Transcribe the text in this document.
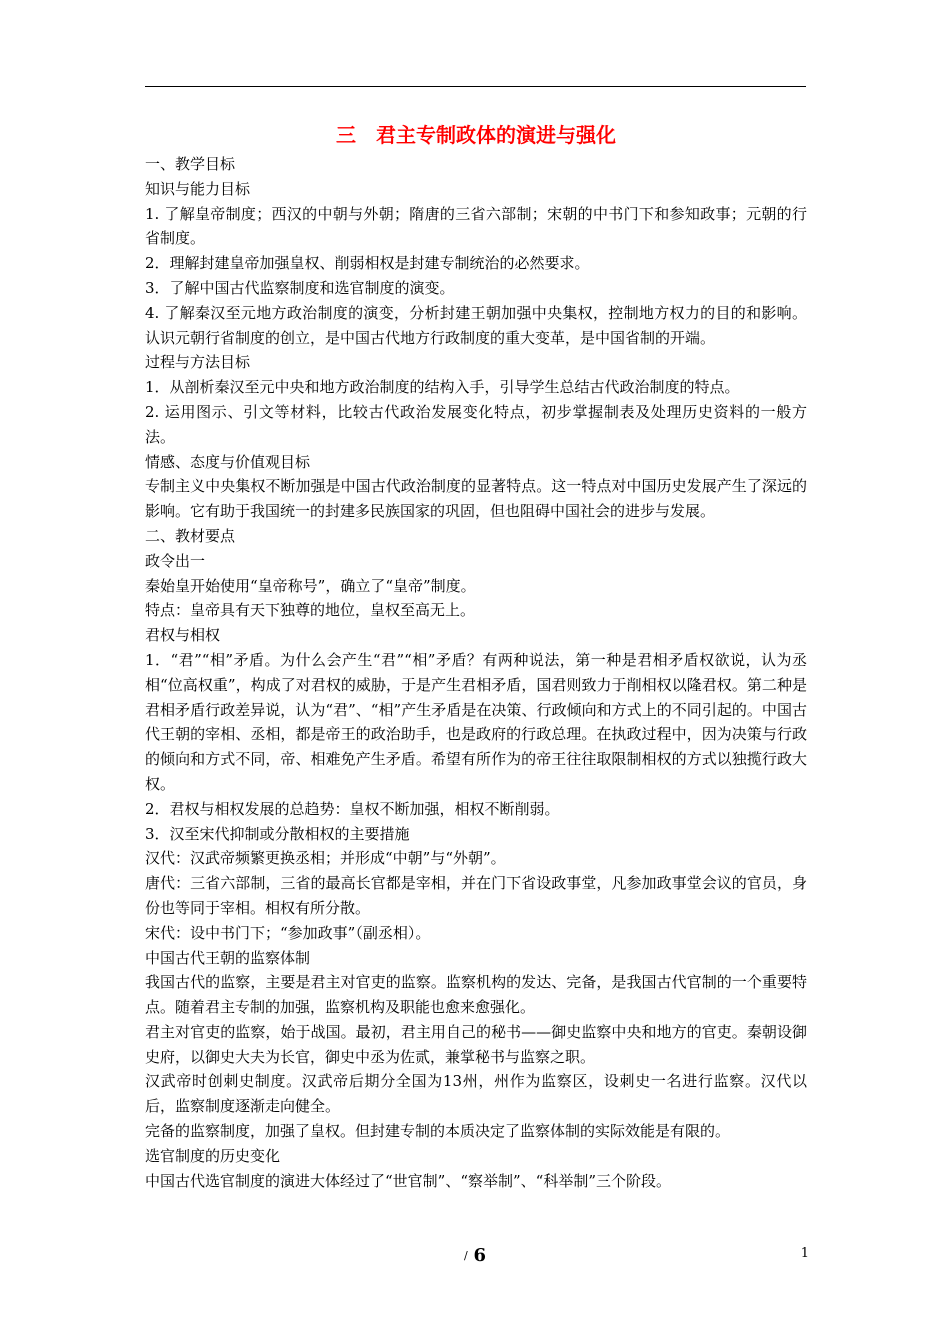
三　君主专制政体的演进与强化

一、教学目标

知识与能力目标

1. 了解皇帝制度；西汉的中朝与外朝；隋唐的三省六部制；宋朝的中书门下和参知政事；元朝的行省制度。

2．理解封建皇帝加强皇权、削弱相权是封建专制统治的必然要求。

3．了解中国古代监察制度和选官制度的演变。

4. 了解秦汉至元地方政治制度的演变，分析封建王朝加强中央集权，控制地方权力的目的和影响。认识元朝行省制度的创立，是中国古代地方行政制度的重大变革，是中国省制的开端。

过程与方法目标

1．从剖析秦汉至元中央和地方政治制度的结构入手，引导学生总结古代政治制度的特点。

2. 运用图示、引文等材料，比较古代政治发展变化特点，初步掌握制表及处理历史资料的一般方法。

情感、态度与价值观目标

专制主义中央集权不断加强是中国古代政治制度的显著特点。这一特点对中国历史发展产生了深远的影响。它有助于我国统一的封建多民族国家的巩固，但也阻碍中国社会的进步与发展。

二、教材要点

政令出一

秦始皇开始使用“皇帝称号”，确立了“皇帝”制度。

特点：皇帝具有天下独尊的地位，皇权至高无上。

君权与相权

1．“君”“相”矛盾。为什么会产生“君”“相”矛盾？有两种说法，第一种是君相矛盾权欲说，认为丞相“位高权重”，构成了对君权的威胁，于是产生君相矛盾，国君则致力于削相权以隆君权。第二种是君相矛盾行政差异说，认为“君”、“相”产生矛盾是在决策、行政倾向和方式上的不同引起的。中国古代王朝的宰相、丞相，都是帝王的政治助手，也是政府的行政总理。在执政过程中，因为决策与行政的倾向和方式不同，帝、相难免产生矛盾。希望有所作为的帝王往往取限制相权的方式以独揽行政大权。

2．君权与相权发展的总趋势：皇权不断加强，相权不断削弱。

3．汉至宋代抑制或分散相权的主要措施

汉代：汉武帝频繁更换丞相；并形成“中朝”与“外朝”。

唐代：三省六部制，三省的最高长官都是宰相，并在门下省设政事堂，凡参加政事堂会议的官员，身份也等同于宰相。相权有所分散。

宋代：设中书门下；“参加政事”（副丞相）。

中国古代王朝的监察体制

我国古代的监察，主要是君主对官吏的监察。监察机构的发达、完备，是我国古代官制的一个重要特点。随着君主专制的加强，监察机构及职能也愈来愈强化。

君主对官吏的监察，始于战国。最初，君主用自己的秘书——御史监察中央和地方的官吏。秦朝设御史府，以御史大夫为长官，御史中丞为佐贰，兼掌秘书与监察之职。

汉武帝时创刺史制度。汉武帝后期分全国为13州，州作为监察区，设刺史一名进行监察。汉代以后，监察制度逐渐走向健全。

完备的监察制度，加强了皇权。但封建专制的本质决定了监察体制的实际效能是有限的。

选官制度的历史变化

中国古代选官制度的演进大体经过了“世官制”、“察举制”、“科举制”三个阶段。

/ 6	1
